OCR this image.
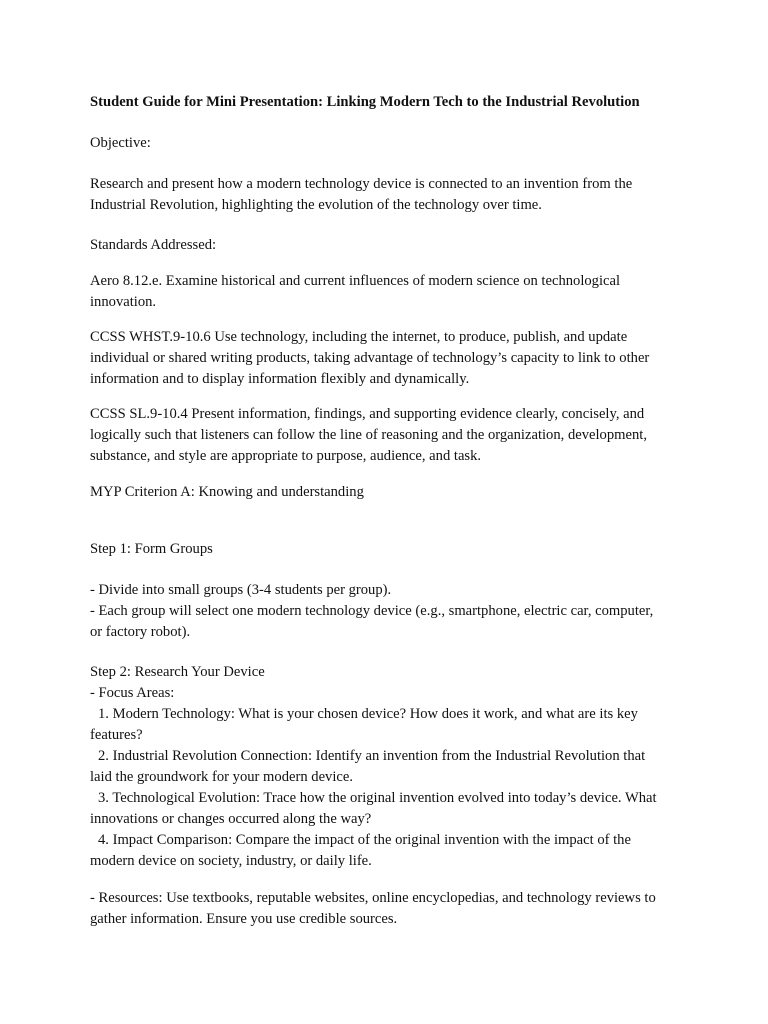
Student Guide for Mini Presentation: Linking Modern Tech to the Industrial Revolution

Objective:

Research and present how a modern technology device is connected to an invention from the
Industrial Revolution, highlighting the evolution of the technology over time.

Standards Addressed:

Aero 8.12.e. Examine historical and current influences of modern science on technological
innovation.

CCSS WHST.9-10.6 Use technology, including the internet, to produce, publish, and update
individual or shared writing products, taking advantage of technology’s capacity to link to other
information and to display information flexibly and dynamically.

CCSS SL.9-10.4 Present information, findings, and supporting evidence clearly, concisely, and
logically such that listeners can follow the line of reasoning and the organization, development,
substance, and style are appropriate to purpose, audience, and task.

MYP Criterion A: Knowing and understanding

Step 1: Form Groups

- Divide into small groups (3-4 students per group).
- Each group will select one modern technology device (e.g., smartphone, electric car, computer,
or factory robot).

Step 2: Research Your Device
- Focus Areas:
1. Modern Technology: What is your chosen device? How does it work, and what are its key
features?
2. Industrial Revolution Connection: Identify an invention from the Industrial Revolution that
laid the groundwork for your modern device.
3. Technological Evolution: Trace how the original invention evolved into today’s device. What
innovations or changes occurred along the way?
4. Impact Comparison: Compare the impact of the original invention with the impact of the
modern device on society, industry, or daily life.

- Resources: Use textbooks, reputable websites, online encyclopedias, and technology reviews to
gather information. Ensure you use credible sources.
